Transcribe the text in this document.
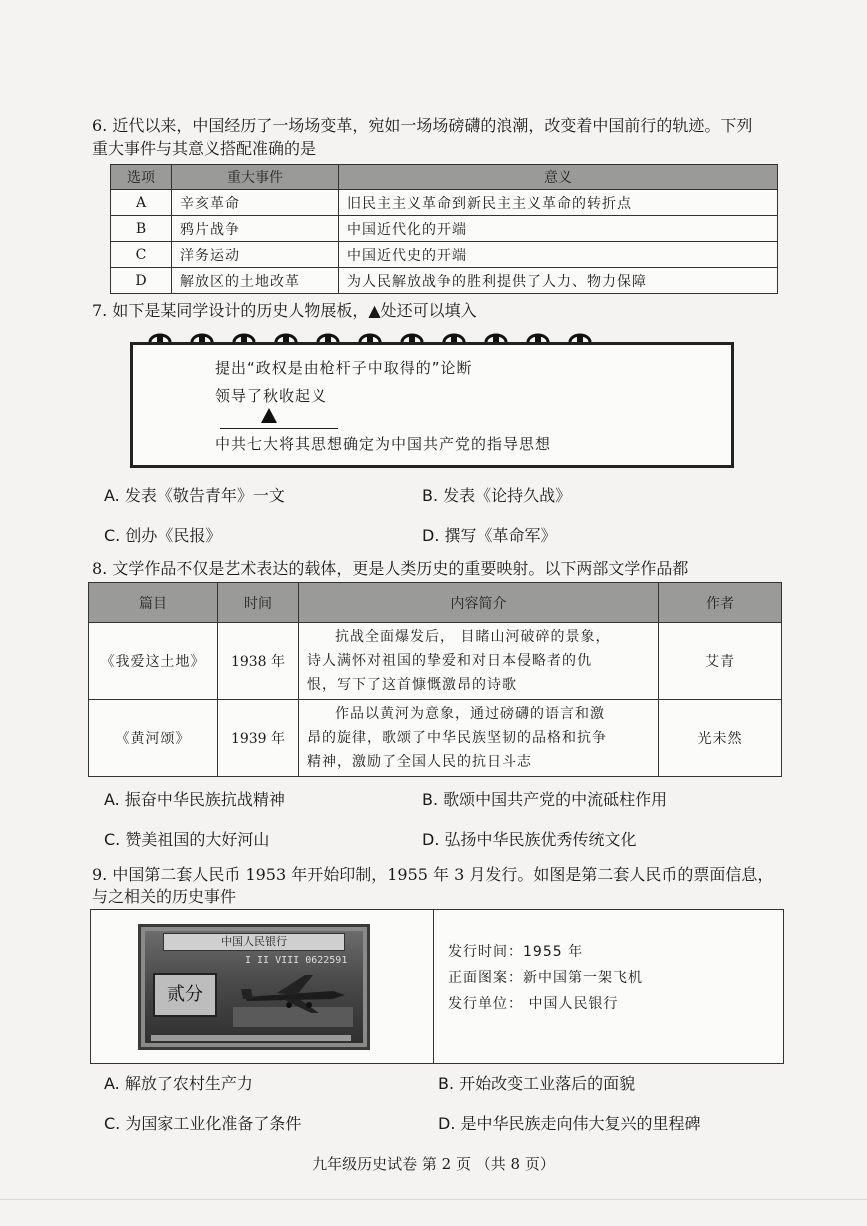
6. 近代以来，中国经历了一场场变革，宛如一场场磅礴的浪潮，改变着中国前行的轨迹。下列
重大事件与其意义搭配准确的是
选项	重大事件	意义
A	辛亥革命	旧民主主义革命到新民主主义革命的转折点
B	鸦片战争	中国近代化的开端
C	洋务运动	中国近代史的开端
D	解放区的土地改革	为人民解放战争的胜利提供了人力、物力保障
7. 如下是某同学设计的历史人物展板，▲处还可以填入
提出“政权是由枪杆子中取得的”论断
领导了秋收起义
中共七大将其思想确定为中国共产党的指导思想
A. 发表《敬告青年》一文	B. 发表《论持久战》
C. 创办《民报》	D. 撰写《革命军》
8. 文学作品不仅是艺术表达的载体，更是人类历史的重要映射。以下两部文学作品都
篇目	时间	内容简介	作者
《我爱这土地》	1938 年	抗战全面爆发后， 目睹山河破碎的景象，
诗人满怀对祖国的挚爱和对日本侵略者的仇
恨，写下了这首慷慨激昂的诗歌	艾青
《黄河颂》	1939 年	作品以黄河为意象，通过磅礴的语言和激
昂的旋律，歌颂了中华民族坚韧的品格和抗争
精神，激励了全国人民的抗日斗志	光未然
A. 振奋中华民族抗战精神	B. 歌颂中国共产党的中流砥柱作用
C. 赞美祖国的大好河山	D. 弘扬中华民族优秀传统文化
9. 中国第二套人民币 1953 年开始印制，1955 年 3 月发行。如图是第二套人民币的票面信息，
与之相关的历史事件
中国人民银行
I II VIII 0622591
贰分
发行时间：1955 年
正面图案：新中国第一架飞机
发行单位： 中国人民银行
A. 解放了农村生产力	B. 开始改变工业落后的面貌
C. 为国家工业化准备了条件	D. 是中华民族走向伟大复兴的里程碑
九年级历史试卷 第 2 页 （共 8 页）
